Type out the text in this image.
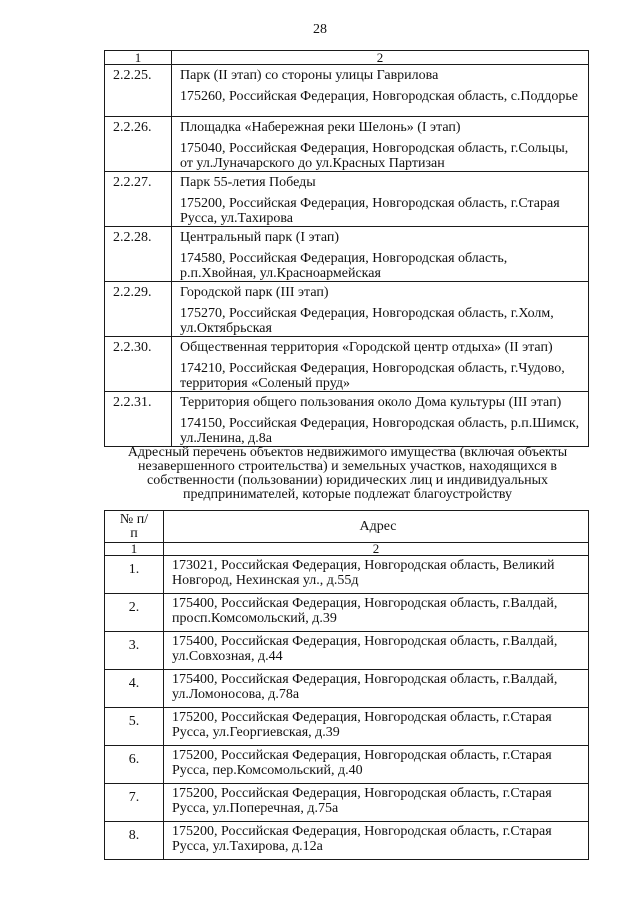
28
1	2

2.2.25.	Парк (II этап) со стороны улицы Гаврилова
175260, Российская Федерация, Новгородская область, с.Поддорье

2.2.26.	Площадка «Набережная реки Шелонь» (I этап)
175040, Российская Федерация, Новгородская область, г.Сольцы, от ул.Луначарского до ул.Красных Партизан

2.2.27.	Парк 55-летия Победы
175200, Российская Федерация, Новгородская область, г.Старая Русса, ул.Тахирова

2.2.28.	Центральный парк (I этап)
174580, Российская Федерация, Новгородская область, р.п.Хвойная, ул.Красноармейская

2.2.29.	Городской парк (III этап)
175270, Российская Федерация, Новгородская область, г.Холм, ул.Октябрьская

2.2.30.	Общественная территория «Городской центр отдыха» (II этап)
174210, Российская Федерация, Новгородская область, г.Чудово, территория «Соленый пруд»

2.2.31.	Территория общего пользования около Дома культуры (III этап)
174150, Российская Федерация, Новгородская область, р.п.Шимск, ул.Ленина, д.8а
Адресный перечень объектов недвижимого имущества (включая объекты незавершенного строительства) и земельных участков, находящихся в собственности (пользовании) юридических лиц и индивидуальных предпринимателей, которые подлежат благоустройству
№ п/п	Адрес
1	2
1.	173021, Российская Федерация, Новгородская область, Великий Новгород, Нехинская ул., д.55д
2.	175400, Российская Федерация, Новгородская область, г.Валдай, просп.Комсомольский, д.39
3.	175400, Российская Федерация, Новгородская область, г.Валдай, ул.Совхозная, д.44
4.	175400, Российская Федерация, Новгородская область, г.Валдай, ул.Ломоносова, д.78а
5.	175200, Российская Федерация, Новгородская область, г.Старая Русса, ул.Георгиевская, д.39
6.	175200, Российская Федерация, Новгородская область, г.Старая Русса, пер.Комсомольский, д.40
7.	175200, Российская Федерация, Новгородская область, г.Старая Русса, ул.Поперечная, д.75а
8.	175200, Российская Федерация, Новгородская область, г.Старая Русса, ул.Тахирова, д.12а
